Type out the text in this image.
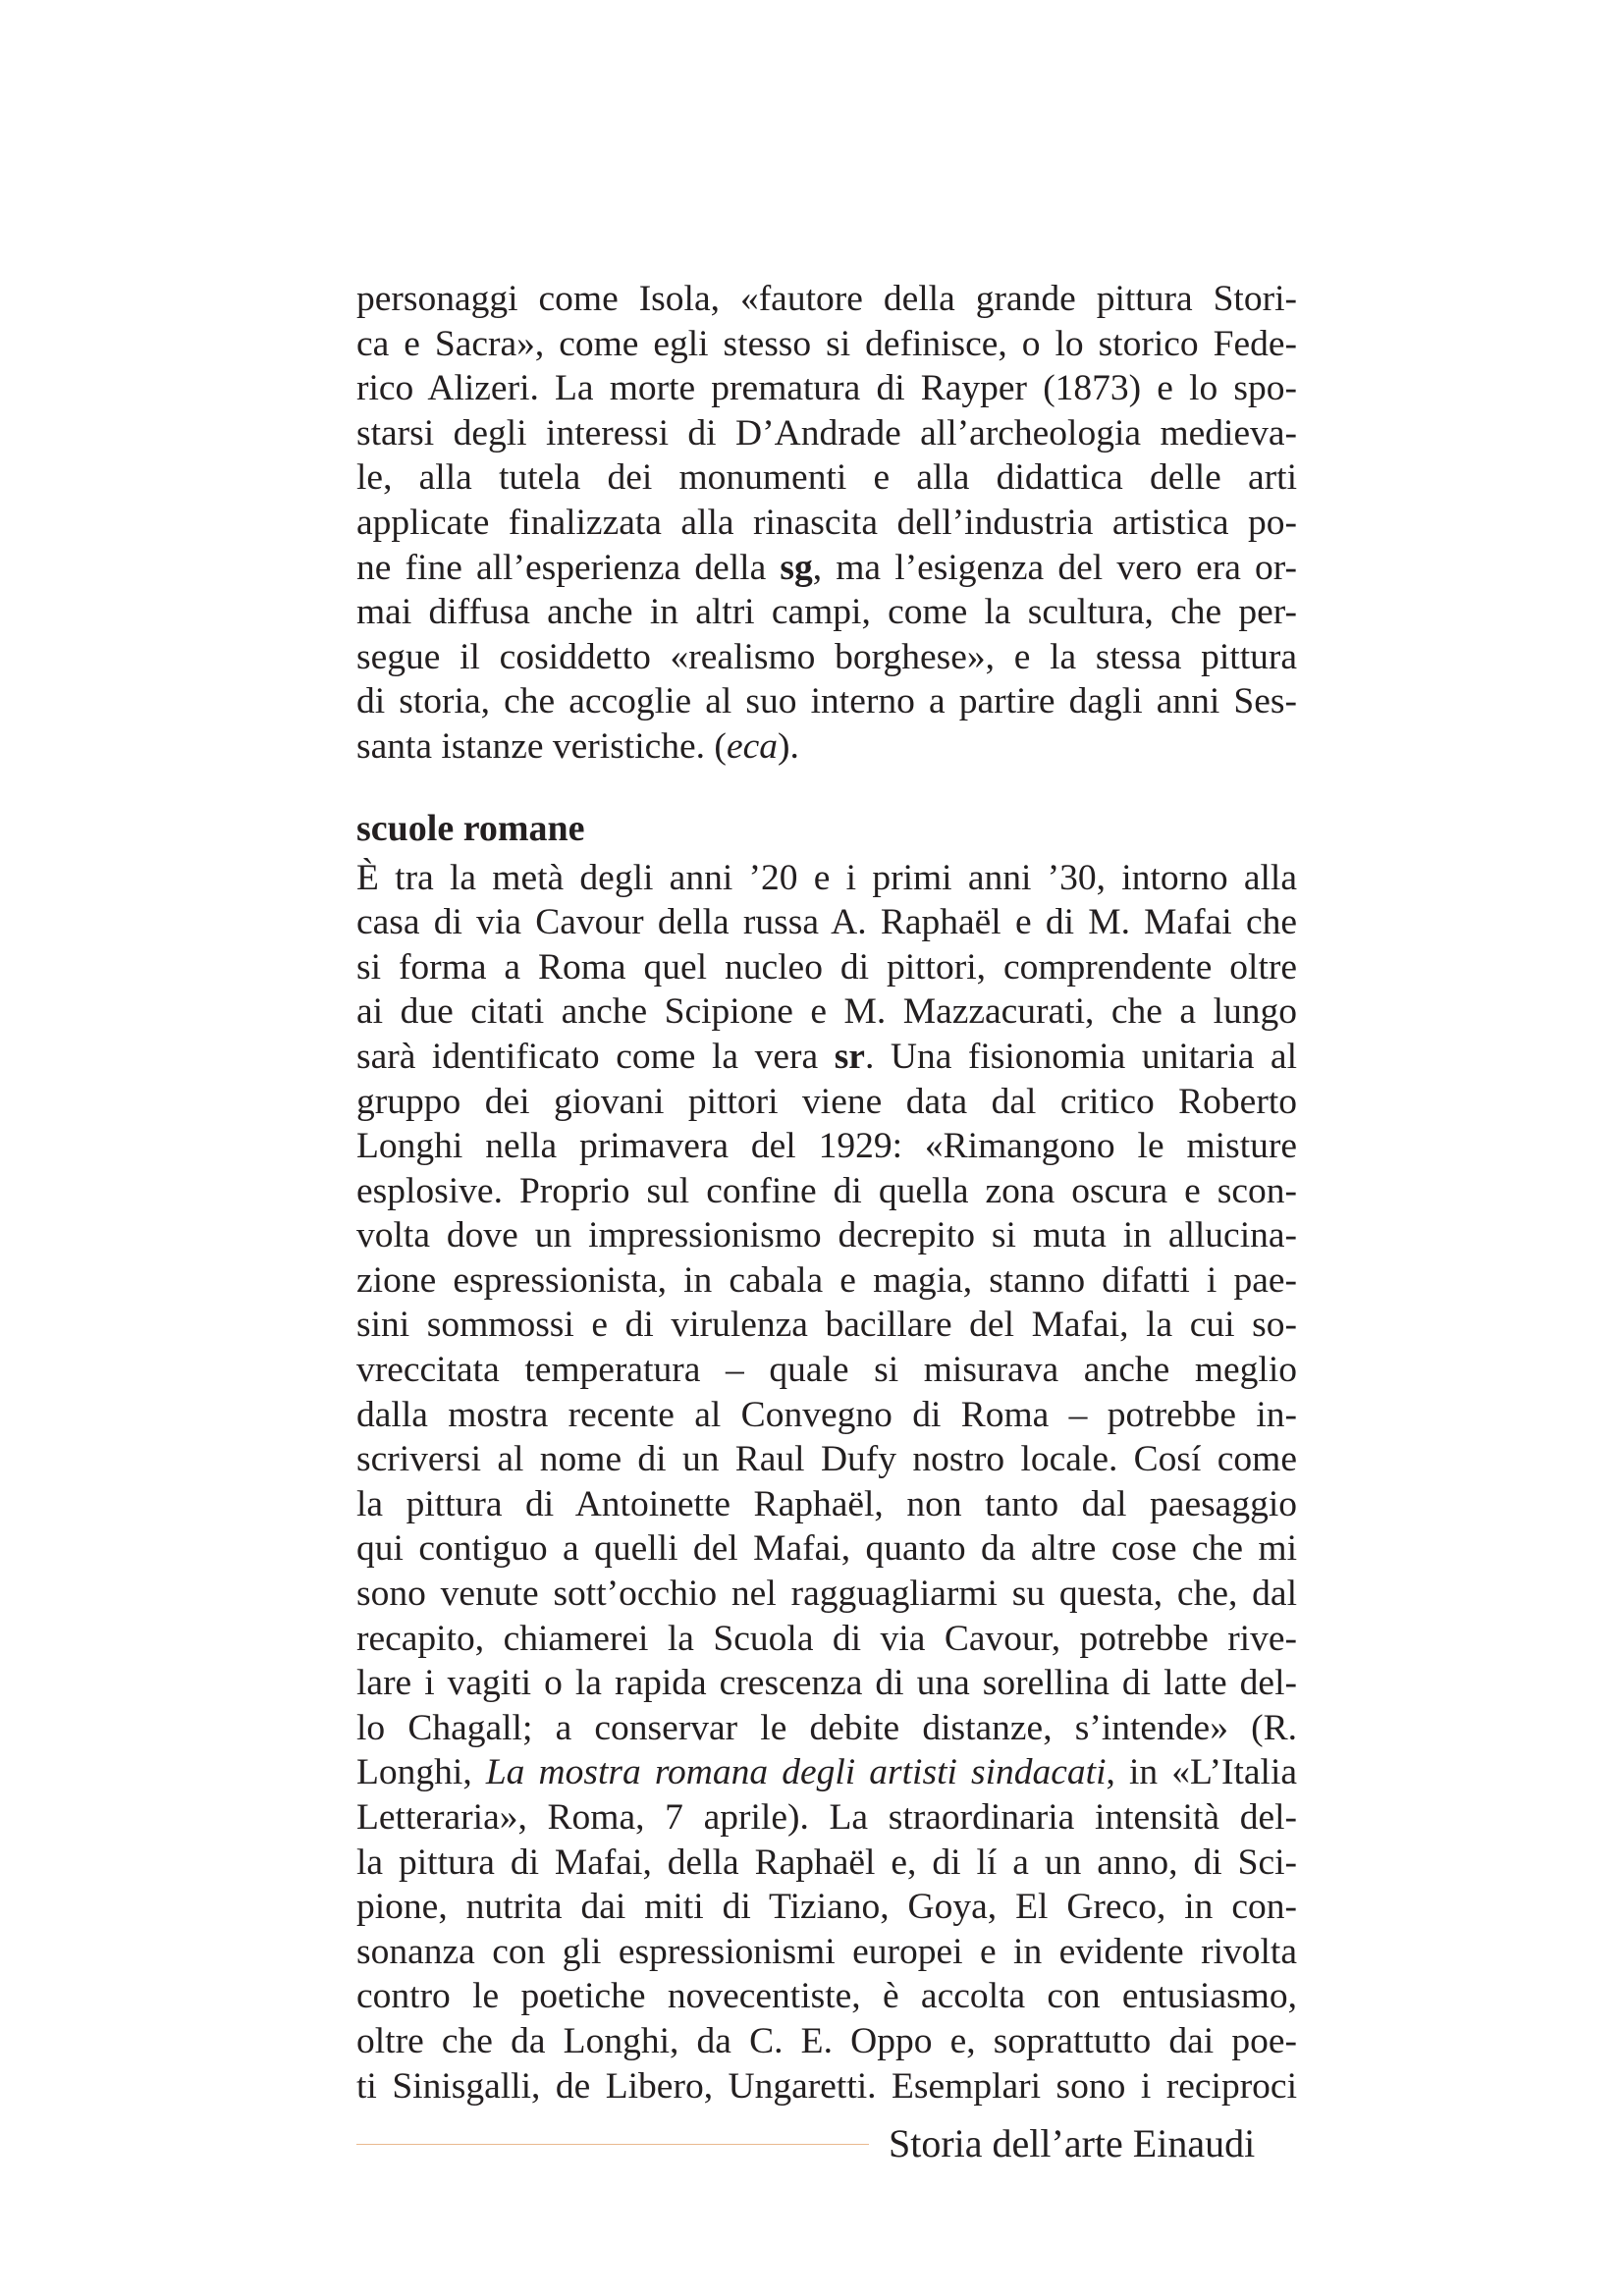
personaggi come Isola, «fautore della grande pittura Stori-
ca e Sacra», come egli stesso si definisce, o lo storico Fede-
rico Alizeri. La morte prematura di Rayper (1873) e lo spo-
starsi degli interessi di D’Andrade all’archeologia medieva-
le, alla tutela dei monumenti e alla didattica delle arti
applicate finalizzata alla rinascita dell’industria artistica po-
ne fine all’esperienza della sg, ma l’esigenza del vero era or-
mai diffusa anche in altri campi, come la scultura, che per-
segue il cosiddetto «realismo borghese», e la stessa pittura
di storia, che accoglie al suo interno a partire dagli anni Ses-
santa istanze veristiche. (eca).
scuole romane
È tra la metà degli anni ’20 e i primi anni ’30, intorno alla
casa di via Cavour della russa A. Raphaël e di M. Mafai che
si forma a Roma quel nucleo di pittori, comprendente oltre
ai due citati anche Scipione e M. Mazzacurati, che a lungo
sarà identificato come la vera sr. Una fisionomia unitaria al
gruppo dei giovani pittori viene data dal critico Roberto
Longhi nella primavera del 1929: «Rimangono le misture
esplosive. Proprio sul confine di quella zona oscura e scon-
volta dove un impressionismo decrepito si muta in allucina-
zione espressionista, in cabala e magia, stanno difatti i pae-
sini sommossi e di virulenza bacillare del Mafai, la cui so-
vreccitata temperatura – quale si misurava anche meglio
dalla mostra recente al Convegno di Roma – potrebbe in-
scriversi al nome di un Raul Dufy nostro locale. Cosí come
la pittura di Antoinette Raphaël, non tanto dal paesaggio
qui contiguo a quelli del Mafai, quanto da altre cose che mi
sono venute sott’occhio nel ragguagliarmi su questa, che, dal
recapito, chiamerei la Scuola di via Cavour, potrebbe rive-
lare i vagiti o la rapida crescenza di una sorellina di latte del-
lo Chagall; a conservar le debite distanze, s’intende» (R.
Longhi, La mostra romana degli artisti sindacati, in «L’Italia
Letteraria», Roma, 7 aprile). La straordinaria intensità del-
la pittura di Mafai, della Raphaël e, di lí a un anno, di Sci-
pione, nutrita dai miti di Tiziano, Goya, El Greco, in con-
sonanza con gli espressionismi europei e in evidente rivolta
contro le poetiche novecentiste, è accolta con entusiasmo,
oltre che da Longhi, da C. E. Oppo e, soprattutto dai poe-
ti Sinisgalli, de Libero, Ungaretti. Esemplari sono i reciproci
Storia dell’arte Einaudi
